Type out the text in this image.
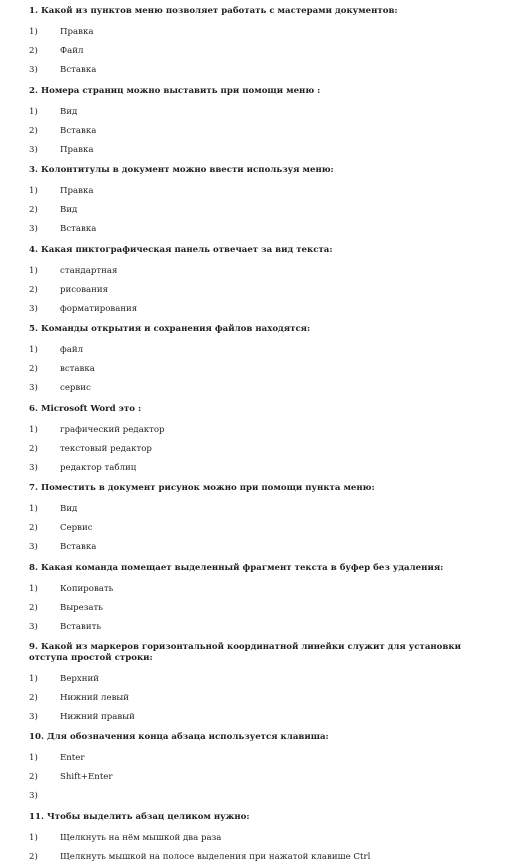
1. Какой из пунктов меню позволяет работать с мастерами документов:
1)	Правка
2)	Файл
3)	Вставка
2. Номера страниц можно выставить при помощи меню :
1)	Вид
2)	Вставка
3)	Правка
3. Колонтитулы в документ можно ввести используя меню:
1)	Правка
2)	Вид
3)	Вставка
4. Какая пиктографическая панель отвечает за вид текста:
1)	стандартная
2)	рисования
3)	форматирования
5. Команды открытия и сохранения файлов находятся:
1)	файл
2)	вставка
3)	сервис
6. Microsoft Word это :
1)	графический редактор
2)	текстовый редактор
3)	редактор таблиц
7. Поместить в документ рисунок можно при помощи пункта меню:
1)	Вид
2)	Сервис
3)	Вставка
8. Какая команда помещает выделенный фрагмент текста в буфер без удаления:
1)	Копировать
2)	Вырезать
3)	Вставить
9. Какой из маркеров горизонтальной координатной линейки служит для установки отступа простой строки:
1)	Верхний
2)	Нижний левый
3)	Нижний правый
10. Для обозначения конца абзаца используется клавиша:
1)	Enter
2)	Shift+Enter
3)
11. Чтобы выделить абзац целиком нужно:
1)	Щелкнуть на нём мышкой два раза
2)	Щелкнуть мышкой на полосе выделения при нажатой клавише Ctrl
